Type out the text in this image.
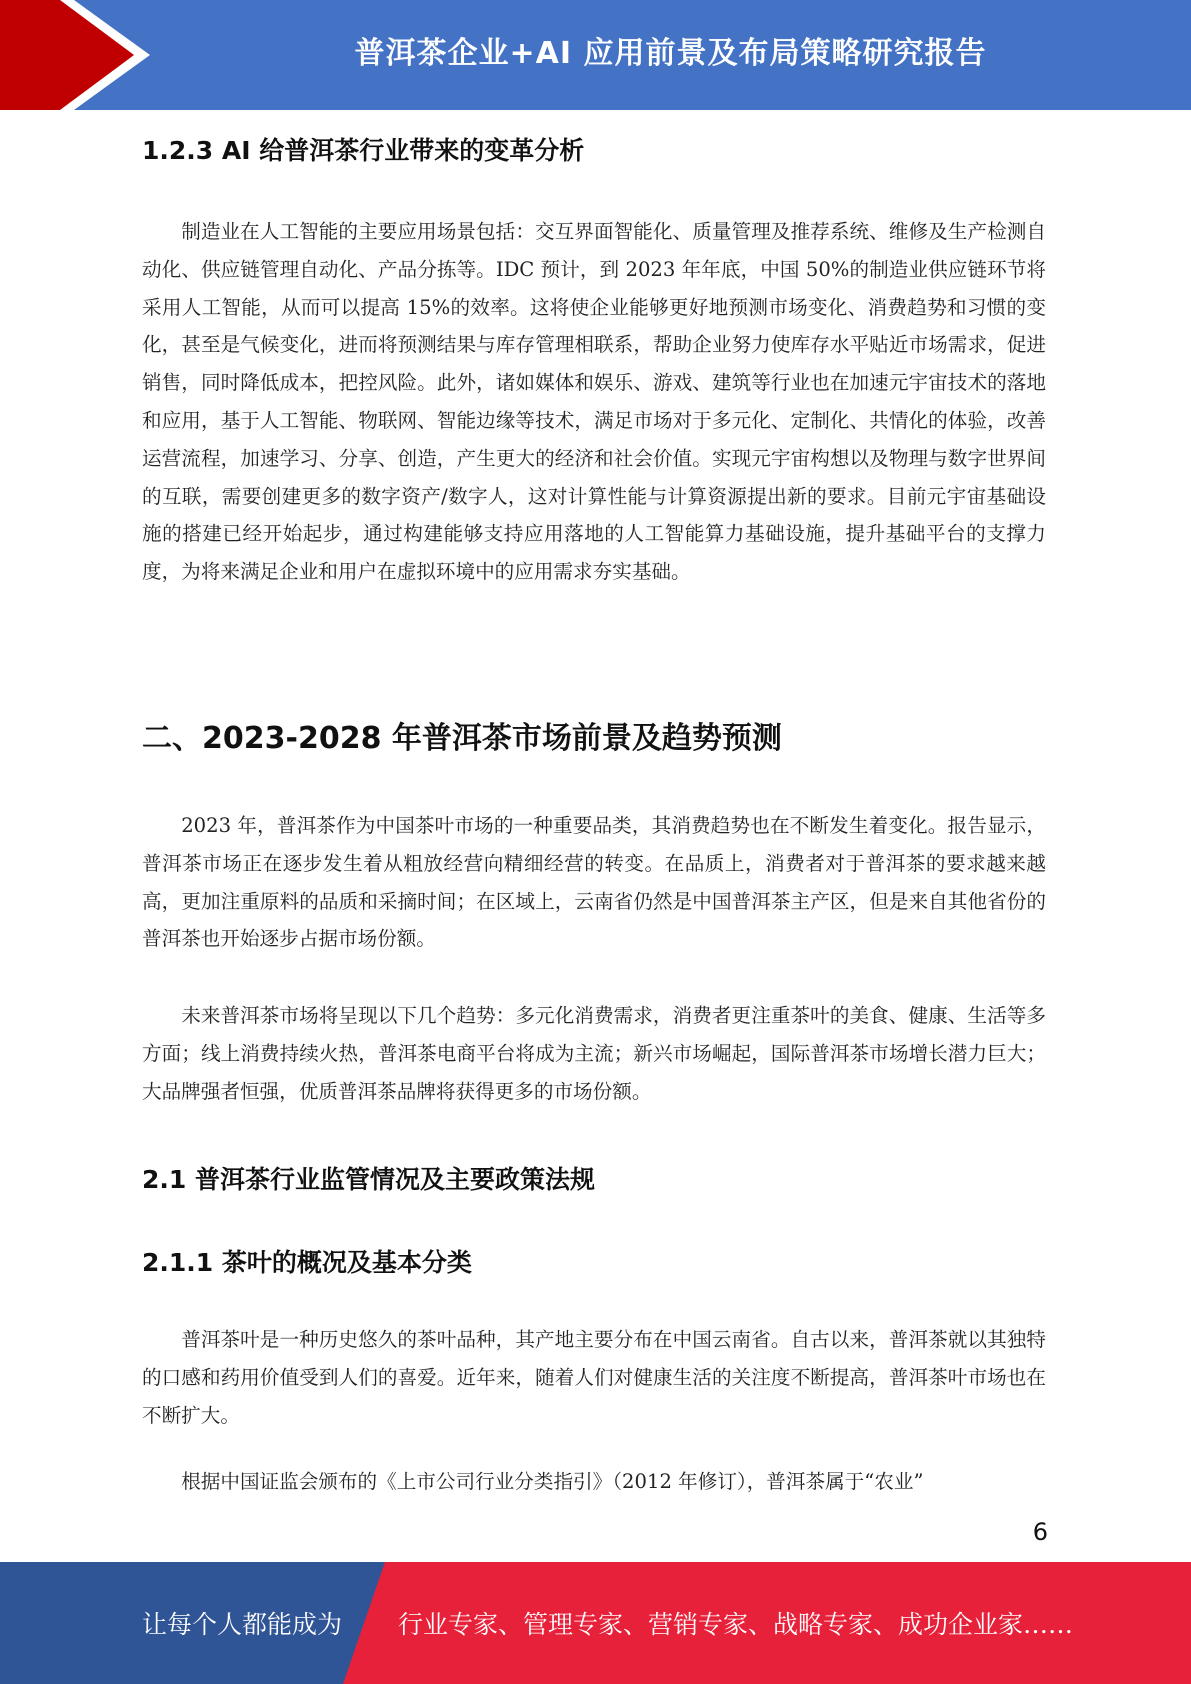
普洱茶企业+AI 应用前景及布局策略研究报告
1.2.3 AI 给普洱茶行业带来的变革分析

制造业在人工智能的主要应用场景包括：交互界面智能化、质量管理及推荐系统、维修及生产检测自动化、供应链管理自动化、产品分拣等。IDC 预计，到 2023 年年底，中国 50%的制造业供应链环节将采用人工智能，从而可以提高 15%的效率。这将使企业能够更好地预测市场变化、消费趋势和习惯的变化，甚至是气候变化，进而将预测结果与库存管理相联系，帮助企业努力使库存水平贴近市场需求，促进销售，同时降低成本，把控风险。此外，诸如媒体和娱乐、游戏、建筑等行业也在加速元宇宙技术的落地和应用，基于人工智能、物联网、智能边缘等技术，满足市场对于多元化、定制化、共情化的体验，改善运营流程，加速学习、分享、创造，产生更大的经济和社会价值。实现元宇宙构想以及物理与数字世界间的互联，需要创建更多的数字资产/数字人，这对计算性能与计算资源提出新的要求。目前元宇宙基础设施的搭建已经开始起步，通过构建能够支持应用落地的人工智能算力基础设施，提升基础平台的支撑力度，为将来满足企业和用户在虚拟环境中的应用需求夯实基础。

二、2023-2028 年普洱茶市场前景及趋势预测

2023 年，普洱茶作为中国茶叶市场的一种重要品类，其消费趋势也在不断发生着变化。报告显示，普洱茶市场正在逐步发生着从粗放经营向精细经营的转变。在品质上，消费者对于普洱茶的要求越来越高，更加注重原料的品质和采摘时间；在区域上，云南省仍然是中国普洱茶主产区，但是来自其他省份的普洱茶也开始逐步占据市场份额。

未来普洱茶市场将呈现以下几个趋势：多元化消费需求，消费者更注重茶叶的美食、健康、生活等多方面；线上消费持续火热，普洱茶电商平台将成为主流；新兴市场崛起，国际普洱茶市场增长潜力巨大；大品牌强者恒强，优质普洱茶品牌将获得更多的市场份额。

2.1 普洱茶行业监管情况及主要政策法规
2.1.1 茶叶的概况及基本分类

普洱茶叶是一种历史悠久的茶叶品种，其产地主要分布在中国云南省。自古以来，普洱茶就以其独特的口感和药用价值受到人们的喜爱。近年来，随着人们对健康生活的关注度不断提高，普洱茶叶市场也在不断扩大。

根据中国证监会颁布的《上市公司行业分类指引》（2012 年修订），普洱茶属于“农业”

6
让每个人都能成为 行业专家、管理专家、营销专家、战略专家、成功企业家……
